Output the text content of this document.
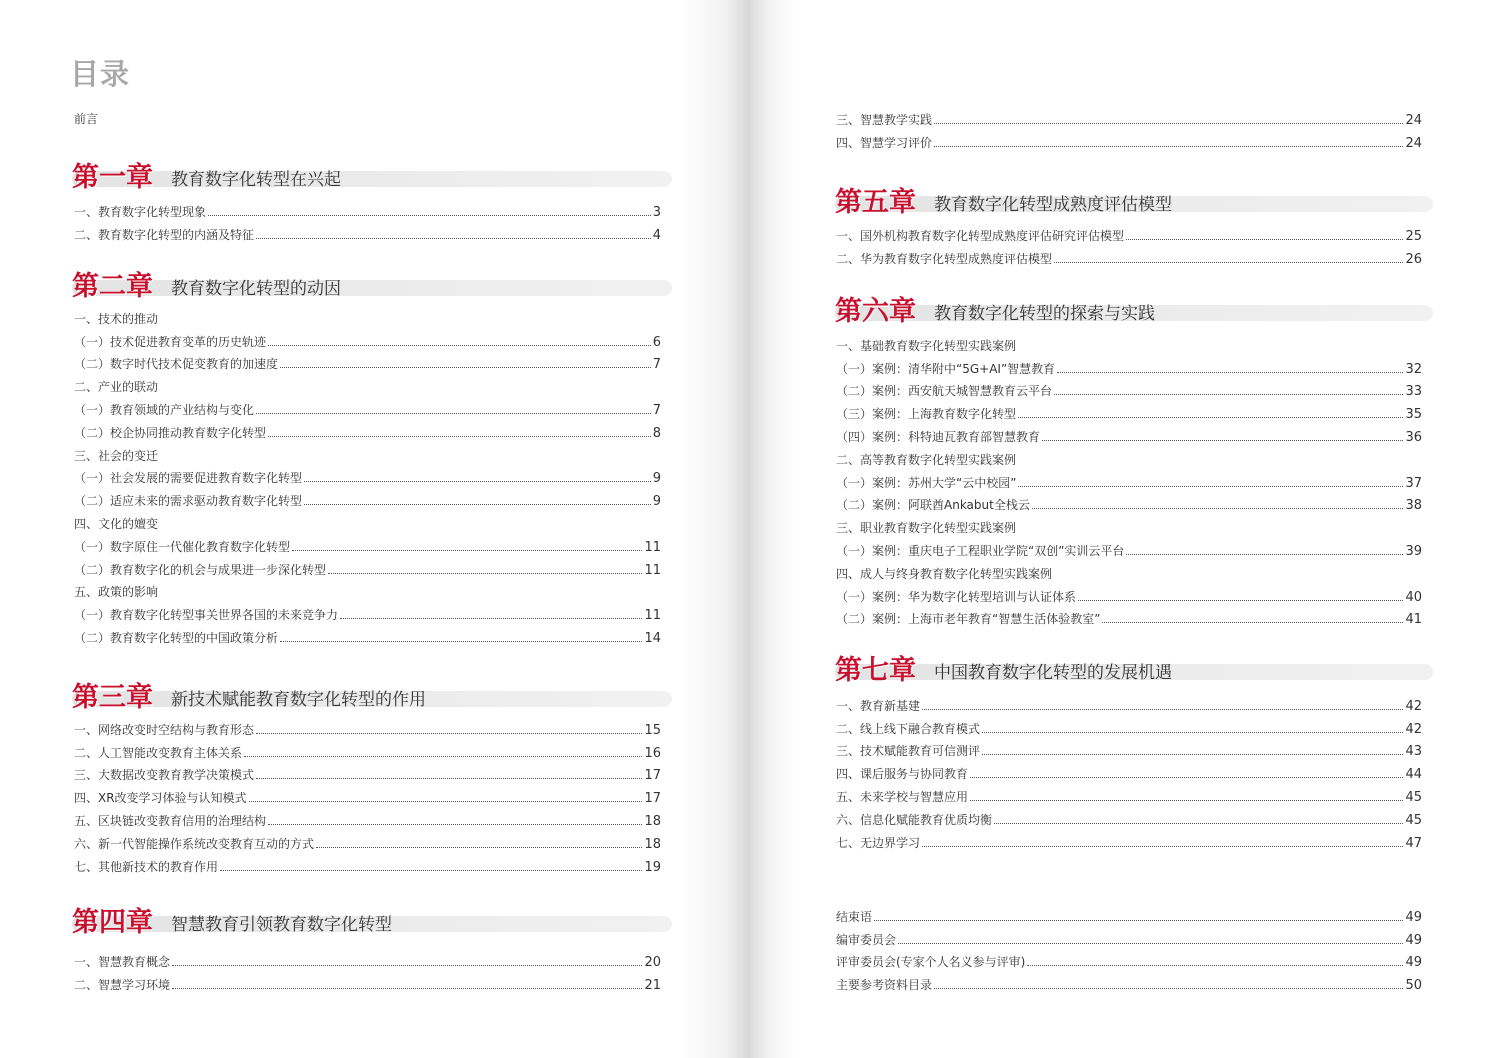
目录
前言
第一章 教育数字化转型在兴起
一、教育数字化转型现象	3
二、教育数字化转型的内涵及特征	4
第二章 教育数字化转型的动因
一、技术的推动
（一）技术促进教育变革的历史轨迹	6
（二）数字时代技术促变教育的加速度	7
二、产业的联动
（一）教育领域的产业结构与变化	7
（二）校企协同推动教育数字化转型	8
三、社会的变迁
（一）社会发展的需要促进教育数字化转型	9
（二）适应未来的需求驱动教育数字化转型	9
四、文化的嬗变
（一）数字原住一代催化教育数字化转型	11
（二）教育数字化的机会与成果进一步深化转型	11
五、政策的影响
（一）教育数字化转型事关世界各国的未来竞争力	11
（二）教育数字化转型的中国政策分析	14
第三章 新技术赋能教育数字化转型的作用
一、网络改变时空结构与教育形态	15
二、人工智能改变教育主体关系	16
三、大数据改变教育教学决策模式	17
四、XR改变学习体验与认知模式	17
五、区块链改变教育信用的治理结构	18
六、新一代智能操作系统改变教育互动的方式	18
七、其他新技术的教育作用	19
第四章 智慧教育引领教育数字化转型
一、智慧教育概念	20
二、智慧学习环境	21
三、智慧教学实践	24
四、智慧学习评价	24
第五章 教育数字化转型成熟度评估模型
一、国外机构教育数字化转型成熟度评估研究评估模型	25
二、华为教育数字化转型成熟度评估模型	26
第六章 教育数字化转型的探索与实践
一、基础教育数字化转型实践案例
（一）案例：清华附中“5G+AI”智慧教育	32
（二）案例：西安航天城智慧教育云平台	33
（三）案例：上海教育数字化转型	35
（四）案例：科特迪瓦教育部智慧教育	36
二、高等教育数字化转型实践案例
（一）案例：苏州大学“云中校园”	37
（二）案例：阿联酋Ankabut全栈云	38
三、职业教育数字化转型实践案例
（一）案例：重庆电子工程职业学院“双创”实训云平台	39
四、成人与终身教育数字化转型实践案例
（一）案例：华为数字化转型培训与认证体系	40
（二）案例：上海市老年教育“智慧生活体验教室”	41
第七章 中国教育数字化转型的发展机遇
一、教育新基建	42
二、线上线下融合教育模式	42
三、技术赋能教育可信测评	43
四、课后服务与协同教育	44
五、未来学校与智慧应用	45
六、信息化赋能教育优质均衡	45
七、无边界学习	47
结束语	49
编审委员会	49
评审委员会(专家个人名义参与评审)	49
主要参考资料目录	50
